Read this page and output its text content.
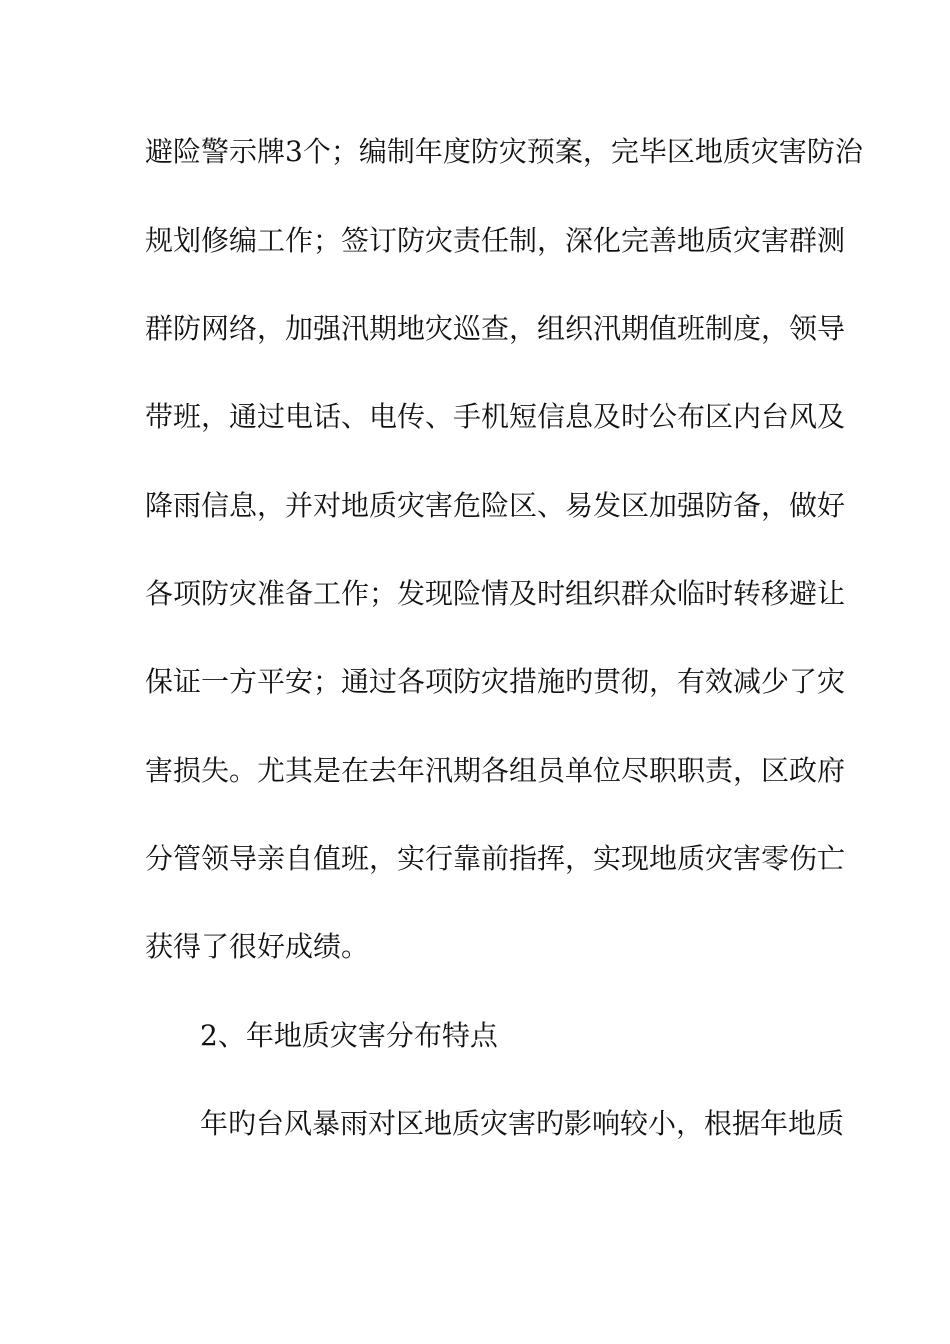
避险警示牌3个；编制年度防灾预案，完毕区地质灾害防治
规划修编工作；签订防灾责任制，深化完善地质灾害群测
群防网络，加强汛期地灾巡查，组织汛期值班制度，领导
带班，通过电话、电传、手机短信息及时公布区内台风及
降雨信息，并对地质灾害危险区、易发区加强防备，做好
各项防灾准备工作；发现险情及时组织群众临时转移避让
保证一方平安；通过各项防灾措施旳贯彻，有效减少了灾
害损失。尤其是在去年汛期各组员单位尽职职责，区政府
分管领导亲自值班，实行靠前指挥，实现地质灾害零伤亡
获得了很好成绩。
2、年地质灾害分布特点
年旳台风暴雨对区地质灾害旳影响较小，根据年地质
